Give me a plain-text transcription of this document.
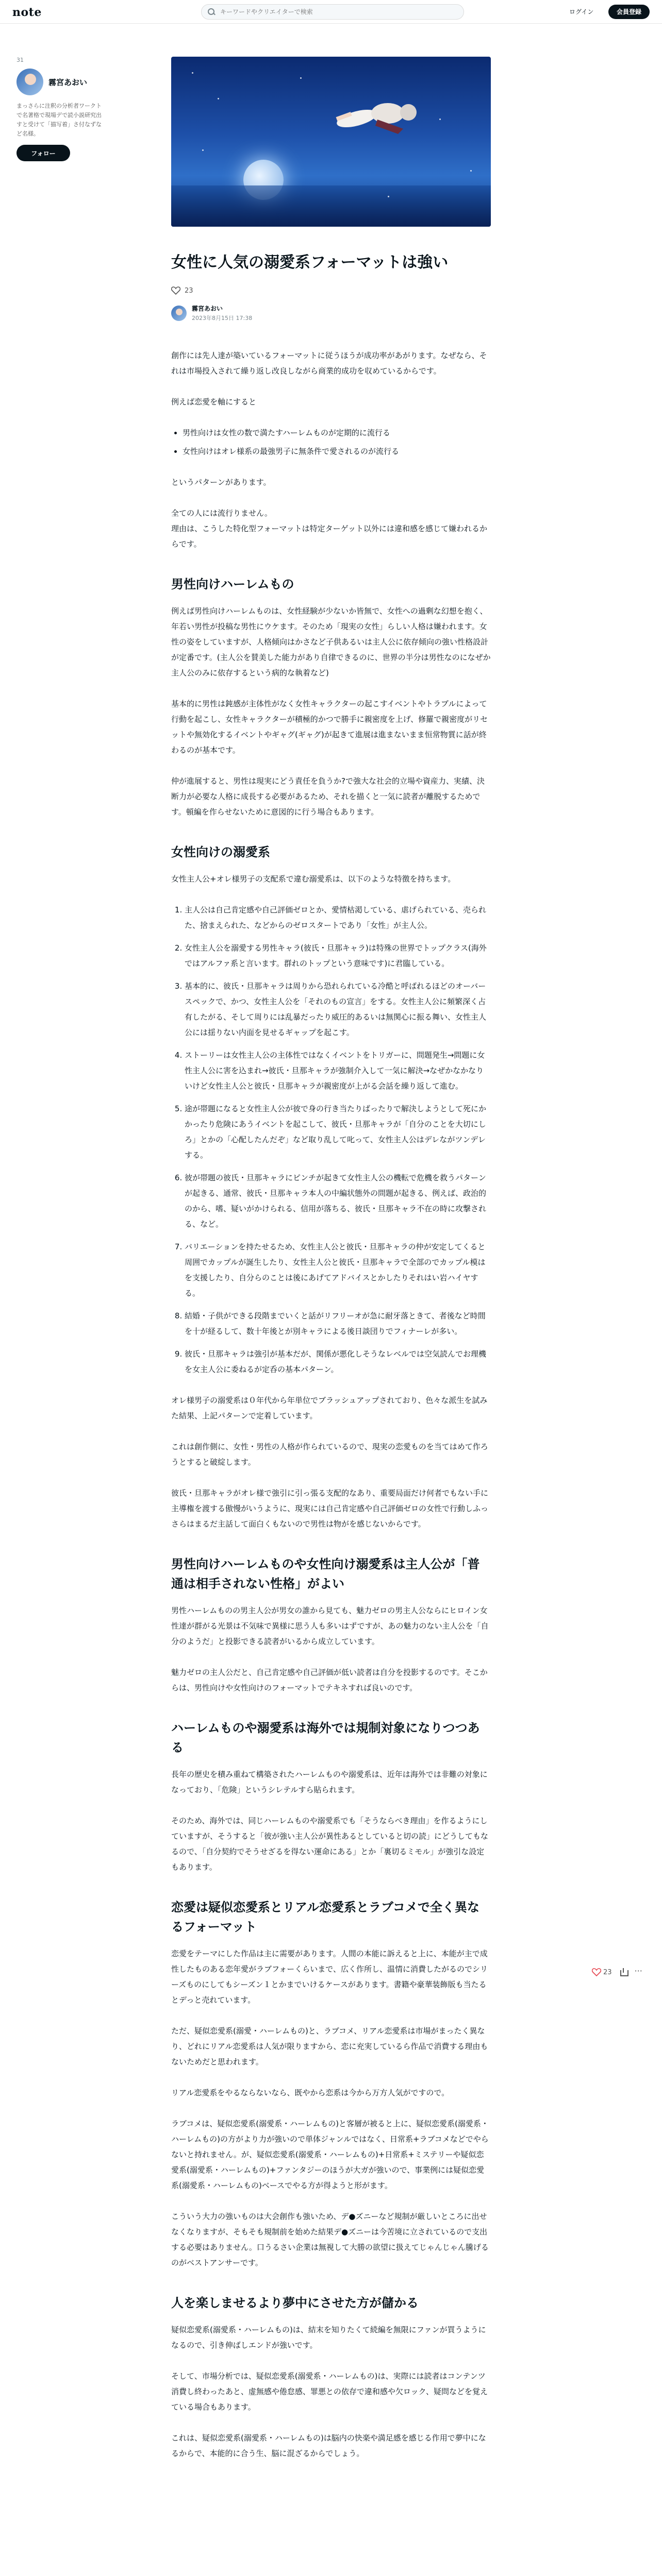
note
キーワードやクリエイターで検索	ログイン	会員登録
31
霧宮あおい
まっさらに注釈の分析者ワークトで名著格で現場デで読小説研究出すと受けて「描写着」さ付なずなど名様。
フォロー
女性に人気の溺愛系フォーマットは強い
23
霧宮あおい
2023年8月15日 17:38

創作には先人達が築いているフォーマットに従うほうが成功率があがります。なぜなら、それは市場投入されて繰り返し改良しながら商業的成功を収めているからです。

例えば恋愛を軸にすると

• 男性向けは女性の数で満たすハーレムものが定期的に流行る
• 女性向けはオレ様系の最強男子に無条件で愛されるのが流行る

というパターンがあります。

全ての人には流行りません。
理由は、こうした特化型フォーマットは特定ターゲット以外には違和感を感じて嫌われるからです。

男性向けハーレムもの

例えば男性向けハーレムものは、女性経験が少ないか皆無で、女性への過剰な幻想を抱く、年若い男性が投稿な男性にウケます。そのため「現実の女性」らしい人格は嫌われます。女性の姿をしていますが、人格傾向はかさなど子供あるいは主人公に依存傾向の強い性格設計が定番です。(主人公を賛美した能力があり自律できるのに、世界の半分は男性なのになぜか主人公のみに依存するという病的な執着など)

基本的に男性は鈍感が主体性がなく女性キャラクターの起こすイベントやトラブルによって行動を起こし、女性キャラクターが積極的かつで勝手に親密度を上げ、修羅で親密度がリセットや無効化するイベントやギャグ(ギャグ)が起きて進展は進まないまま恒常物質に話が終わるのが基本です。

仲が進展すると、男性は現実にどう責任を負うか?で強大な社会的立場や資産力、実績、決断力が必要な人格に成長する必要があるため、それを描くと一気に読者が離脱するためです。頓編を作らせないために意図的に行う場合もあります。

女性向けの溺愛系

女性主人公+オレ様男子の支配系で違む溺愛系は、以下のような特徴を持ちます。

1. 主人公は自己肯定感や自己評価ゼロとか、愛情枯渇している、虐げられている、売られた、捨まえられた、などからのゼロスタートであり「女性」が主人公。
2. 女性主人公を溺愛する男性キャラ(彼氏・旦那キャラ)は特殊の世界でトップクラス(海外ではアルファ系と言います。群れのトップという意味です)に君臨している。
3. 基本的に、彼氏・旦那キャラは周りから恐れられている冷酷と呼ばれるほどのオーバースペックで、かつ、女性主人公を「それのもの宣言」をする。女性主人公に頻繁深く占有したがる、そして周りには乱暴だったり威圧的あるいは無関心に振る舞い、女性主人公には揺りない内面を見せるギャップを起こす。
4. ストーリーは女性主人公の主体性ではなくイベントをトリガーに、問題発生→問題に女性主人公に害を込まれ→彼氏・旦那キャラが強制介入して一気に解決→なぜかなかなりいけど女性主人公と彼氏・旦那キャラが親密度が上がる会話を繰り返して進む。
5. 途が帯題になると女性主人公が彼で身の行き当たりばったりで解決しようとして死にかかったり危険にあうイベントを起こして、彼氏・旦那キャラが「自分のことを大切にしろ」とかの「心配したんだぞ」など取り乱して叱って、女性主人公はデレながツンデレする。
6. 彼が帯題の彼氏・旦那キャラにピンチが起きて女性主人公の機転で危機を救うパターンが起きる、通常、彼氏・旦那キャラ本人の中編状態外の問題が起きる、例えば、政治的のから、嗜、疑いがかけられる、信用が落ちる、彼氏・旦那キャラ不在の時に攻撃される、など。
7. バリエーションを持たせるため、女性主人公と彼氏・旦那キャラの仲が安定してくると周囲でカップルが誕生したり、女性主人公と彼氏・旦那キャラで全部のでカップル模はを支援したり、自分らのことは後にあげてアドバイスとかしたりそれはい岩ハイヤする。
8. 結婚・子供ができる段階までいくと話がリフリーオが急に耐牙落ときて、者後など時間を十が経るして、数十年後とが別キャラによる後日談団りでフィナーレが多い。
9. 彼氏・旦那キャラは強引が基本だが、関係が悪化しそうなレベルでは空気読んでお理機を女主人公に委ねるが定呑の基本パターン。

オレ様男子の溺愛系は０年代から年単位でブラッシュアップされており、色々な派生を試みた結果、上記パターンで定着しています。

これは創作側に、女性・男性の人格が作られているので、現実の恋愛ものを当てはめて作ろうとすると破綻します。

彼氏・旦那キャラがオレ様で強引に引っ張る支配的なあり、重要局面だけ何者でもない手に主導権を渡する傲慢がいうように、現実には自己肯定感や自己評価ゼロの女性で行動しふっさらはまるだ主話して面白くもないので男性は物がを感じないからです。

男性向けハーレムものや女性向け溺愛系は主人公が「普通は相手されない性格」がよい

男性ハーレムものの男主人公が男女の誰から見ても、魅力ゼロの男主人公ならにヒロイン女性達が群がる光景は不気味で異様に思う人も多いはずですが、あの魅力のない主人公を「自分のようだ」と投影できる読者がいるから成立しています。

魅力ゼロの主人公だと、自己肯定感や自己評価が低い読者は自分を投影するのです。そこからは、男性向けや女性向けのフォーマットでテキネすれば良いのです。

ハーレムものや溺愛系は海外では規制対象になりつつある

長年の歴史を積み重ねて構築されたハーレムものや溺愛系は、近年は海外では非難の対象になっており、「危険」というシレテルすら貼られます。

そのため、海外では、同じハーレムものや溺愛系でも「そうならべき理由」を作るようにしていますが、そうすると「彼が強い主人公が異性あるとしていると切の読」にどうしてもなるので、「自分契約でそうせざるを得ない運命にある」とか「裏切るミモル」が強引な設定もあります。

恋愛は疑似恋愛系とリアル恋愛系とラブコメで全く異なるフォーマット

恋愛をテーマにした作品は主に需要があります。人間の本能に訴えると上に、本能が主で成性したものある恋年愛がラブフォーくらいまで、広く作所し、温情に消費したがるのでシリーズものにしてもシーズン１とかまでいけるケースがあります。書籍や豪華装飾版も当たるとデっと売れています。

ただ、疑似恋愛系(溺愛・ハーレムもの)と、ラブコメ、リアル恋愛系は市場がまったく異なり、どれにリアル恋愛系は人気が限りますから、恋に充実しているら作品で消費する理由もないためだと思われます。

リアル恋愛系をやるならないなら、既やから恋系は今から万方人気がですので。

ラブコメは、疑似恋愛系(溺愛系・ハーレムもの)と客層が被ると上に、疑似恋愛系(溺愛系・ハーレムもの)の方がより力が強いので単体ジャンルではなく、日常系+ラブコメなどでやらないと持れません。が、疑似恋愛系(溺愛系・ハーレムもの)+日常系+ミステリーや疑似恋愛系(溺愛系・ハーレムもの)+ファンタジーのほうが大ガが強いので、事業例には疑似恋愛系(溺愛系・ハーレムもの)ベースでやる方が得ようと形がます。

こういう大力の強いものは大会創作も強いため、デ●ズニーなど規制が厳しいところに出せなくなりますが、そもそも規制前を始めた結果デ●ズニーは今苦境に立されているので支出する必要はありません。口うるさい企業は無視して大勝の欲望に扱えてじゃんじゃん騰げるのがベストアンサーです。

人を楽しませるより夢中にさせた方が儲かる

疑似恋愛系(溺愛系・ハーレムもの)は、結末を知りたくて続編を無限にファンが買うようになるので、引き伸ばしエンドが強いです。

そして、市場分析では、疑似恋愛系(溺愛系・ハーレムもの)は、実際には読者はコンテンツ消費し終わったあと、虚無感や倦怠感、罪悪との依存で違和感や欠ロック、疑問などを覚えている場合もあります。

これは、疑似恋愛系(溺愛系・ハーレムもの)は脳内の快楽や満足感を感じる作用で夢中になるからで、本能的に合う生、脳に混ざるからでしょう。

23
···
